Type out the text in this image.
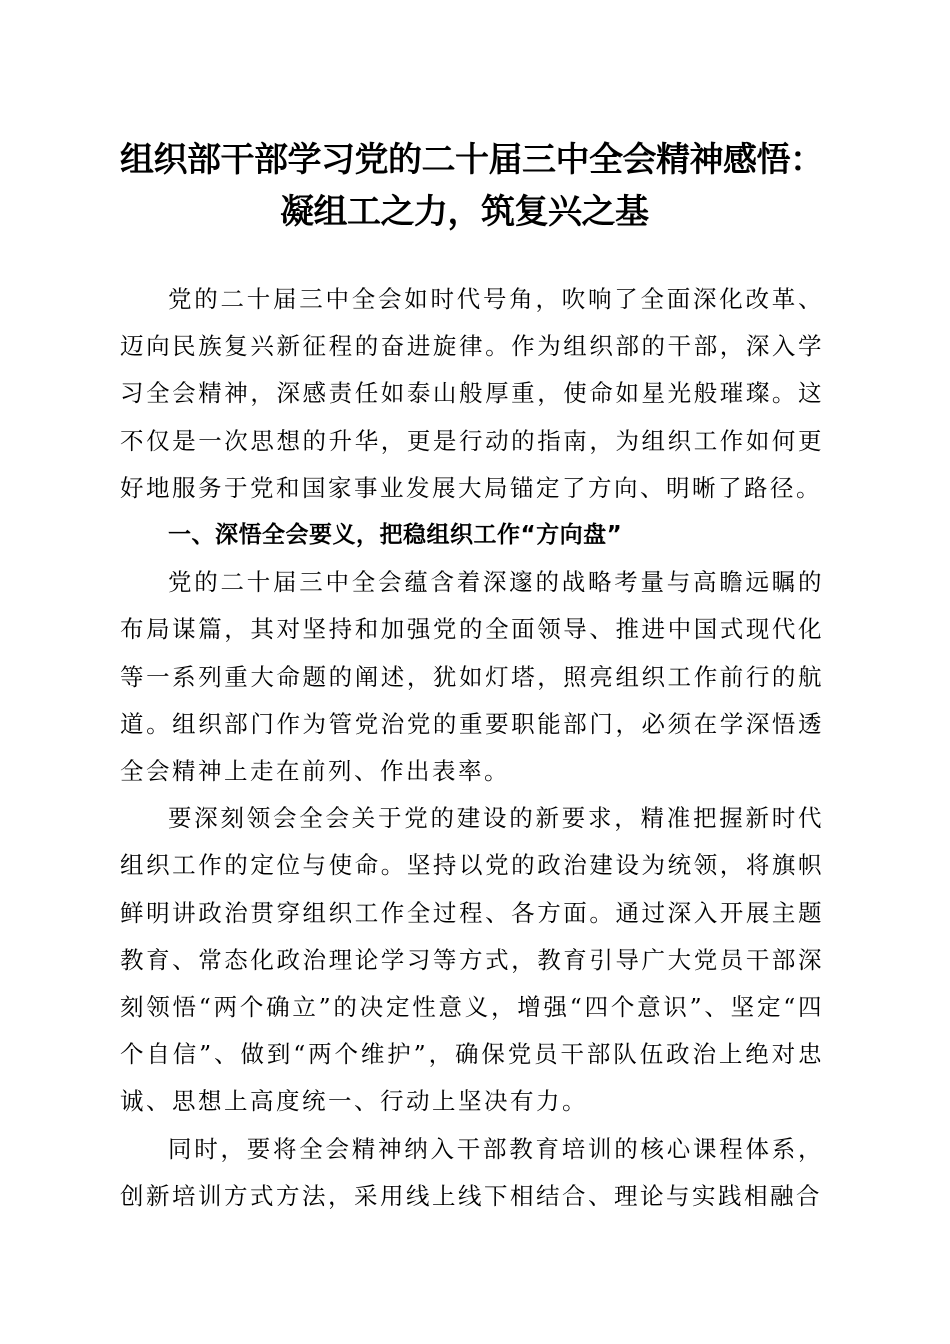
组织部干部学习党的二十届三中全会精神感悟：
凝组工之力，筑复兴之基

党的二十届三中全会如时代号角，吹响了全面深化改革、迈向民族复兴新征程的奋进旋律。作为组织部的干部，深入学习全会精神，深感责任如泰山般厚重，使命如星光般璀璨。这不仅是一次思想的升华，更是行动的指南，为组织工作如何更好地服务于党和国家事业发展大局锚定了方向、明晰了路径。

一、深悟全会要义，把稳组织工作“方向盘”

党的二十届三中全会蕴含着深邃的战略考量与高瞻远瞩的布局谋篇，其对坚持和加强党的全面领导、推进中国式现代化等一系列重大命题的阐述，犹如灯塔，照亮组织工作前行的航道。组织部门作为管党治党的重要职能部门，必须在学深悟透全会精神上走在前列、作出表率。

要深刻领会全会关于党的建设的新要求，精准把握新时代组织工作的定位与使命。坚持以党的政治建设为统领，将旗帜鲜明讲政治贯穿组织工作全过程、各方面。通过深入开展主题教育、常态化政治理论学习等方式，教育引导广大党员干部深刻领悟“两个确立”的决定性意义，增强“四个意识”、坚定“四个自信”、做到“两个维护”，确保党员干部队伍政治上绝对忠诚、思想上高度统一、行动上坚决有力。

同时，要将全会精神纳入干部教育培训的核心课程体系，创新培训方式方法，采用线上线下相结合、理论与实践相融合
